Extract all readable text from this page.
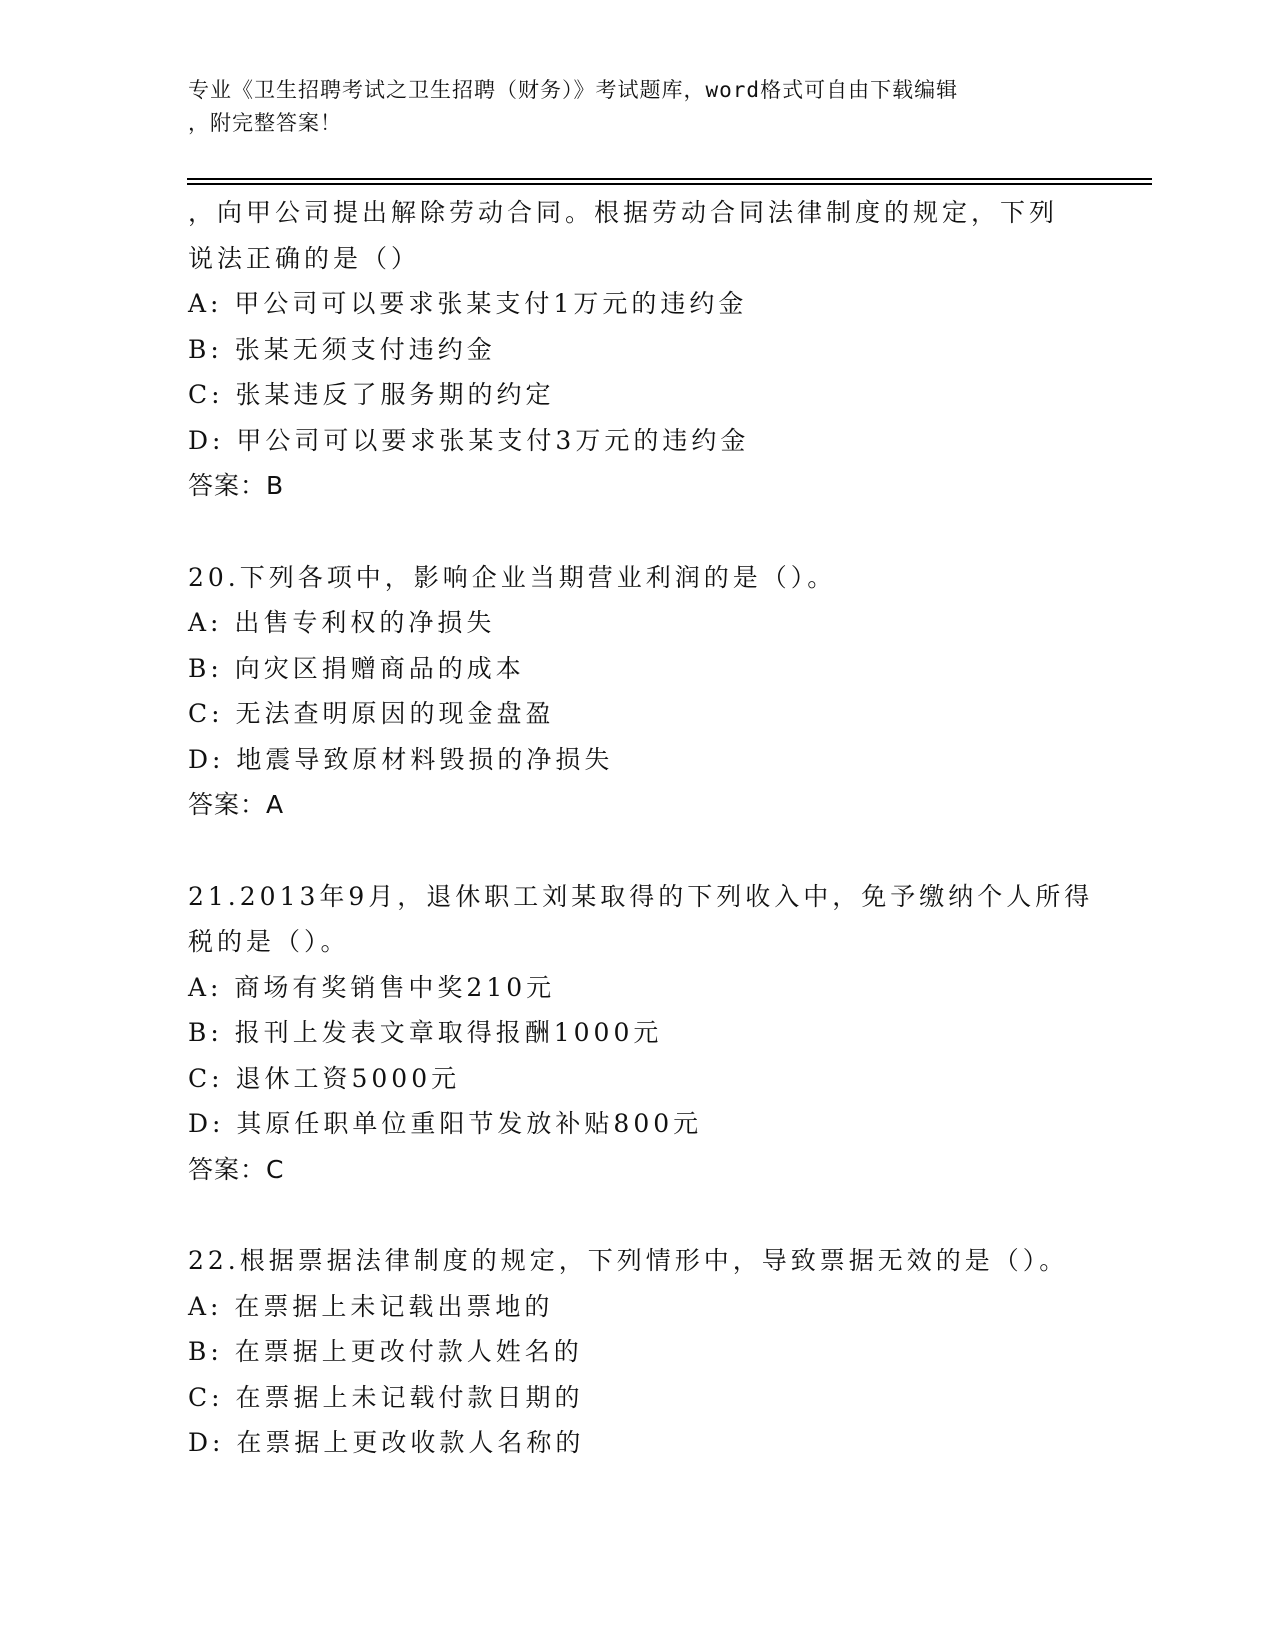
专业《卫生招聘考试之卫生招聘（财务）》考试题库，word格式可自由下载编辑
，附完整答案！
，向甲公司提出解除劳动合同。根据劳动合同法律制度的规定，下列
说法正确的是（）
A: 甲公司可以要求张某支付1万元的违约金
B: 张某无须支付违约金
C: 张某违反了服务期的约定
D: 甲公司可以要求张某支付3万元的违约金
答案：B
20.下列各项中，影响企业当期营业利润的是（）。
A: 出售专利权的净损失
B: 向灾区捐赠商品的成本
C: 无法查明原因的现金盘盈
D: 地震导致原材料毁损的净损失
答案：A
21.2013年9月，退休职工刘某取得的下列收入中，免予缴纳个人所得
税的是（）。
A: 商场有奖销售中奖210元
B: 报刊上发表文章取得报酬1000元
C: 退休工资5000元
D: 其原任职单位重阳节发放补贴800元
答案：C
22.根据票据法律制度的规定，下列情形中，导致票据无效的是（）。
A: 在票据上未记载出票地的
B: 在票据上更改付款人姓名的
C: 在票据上未记载付款日期的
D: 在票据上更改收款人名称的
